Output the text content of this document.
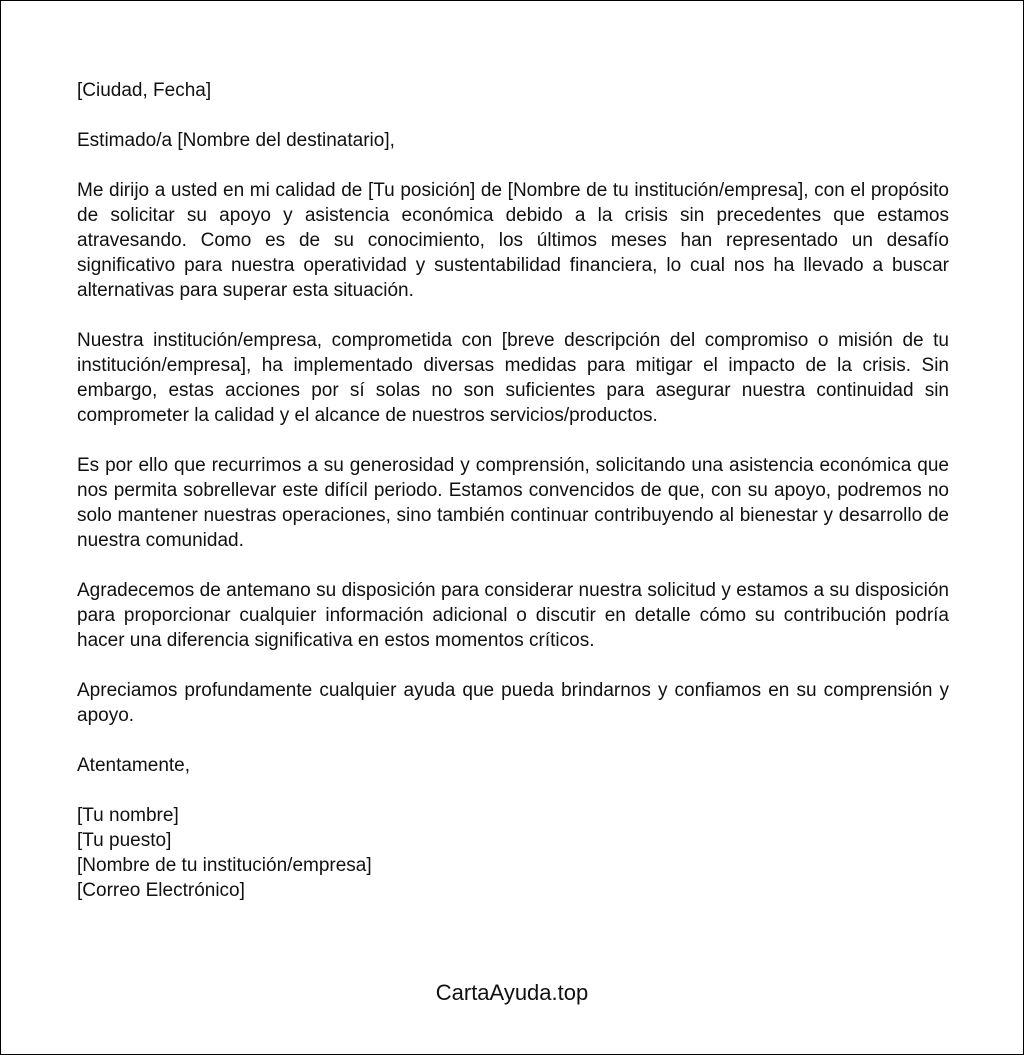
[Ciudad, Fecha]

Estimado/a [Nombre del destinatario],

Me dirijo a usted en mi calidad de [Tu posición] de [Nombre de tu institución/empresa], con el propósito de solicitar su apoyo y asistencia económica debido a la crisis sin precedentes que estamos atravesando. Como es de su conocimiento, los últimos meses han representado un desafío significativo para nuestra operatividad y sustentabilidad financiera, lo cual nos ha llevado a buscar alternativas para superar esta situación.

Nuestra institución/empresa, comprometida con [breve descripción del compromiso o misión de tu institución/empresa], ha implementado diversas medidas para mitigar el impacto de la crisis. Sin embargo, estas acciones por sí solas no son suficientes para asegurar nuestra continuidad sin comprometer la calidad y el alcance de nuestros servicios/productos.

Es por ello que recurrimos a su generosidad y comprensión, solicitando una asistencia económica que nos permita sobrellevar este difícil periodo. Estamos convencidos de que, con su apoyo, podremos no solo mantener nuestras operaciones, sino también continuar contribuyendo al bienestar y desarrollo de nuestra comunidad.

Agradecemos de antemano su disposición para considerar nuestra solicitud y estamos a su disposición para proporcionar cualquier información adicional o discutir en detalle cómo su contribución podría hacer una diferencia significativa en estos momentos críticos.

Apreciamos profundamente cualquier ayuda que pueda brindarnos y confiamos en su comprensión y apoyo.

Atentamente,

[Tu nombre]
[Tu puesto]
[Nombre de tu institución/empresa]
[Correo Electrónico]
CartaAyuda.top
